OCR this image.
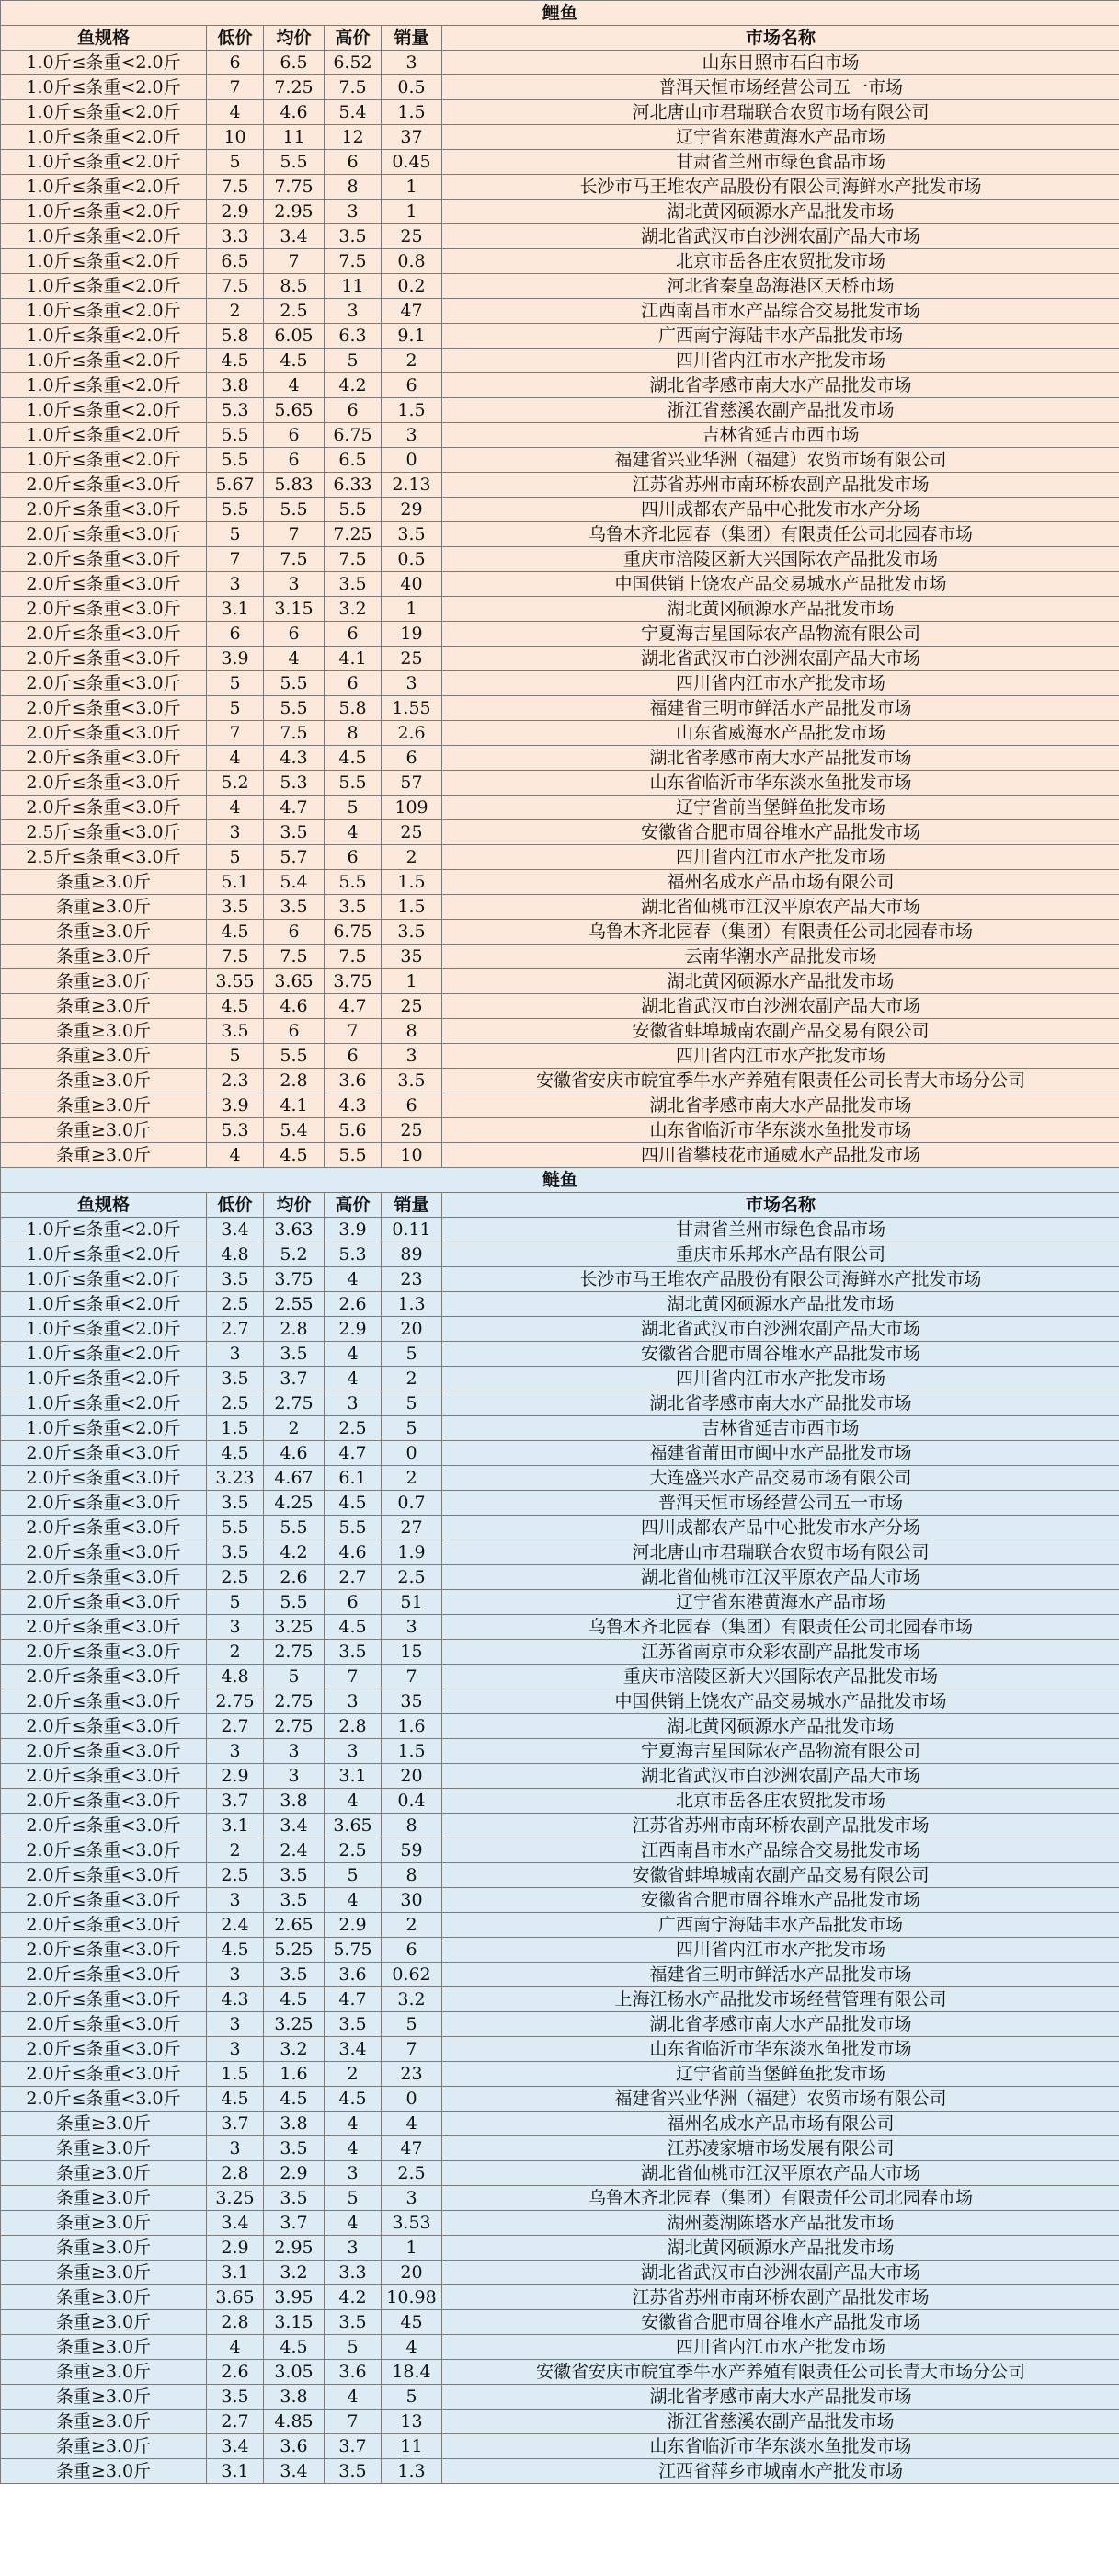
鲤鱼					
鱼规格	低价	均价	高价	销量	市场名称
1.0斤≤条重<2.0斤	6	6.5	6.52	3	山东日照市石臼市场
1.0斤≤条重<2.0斤	7	7.25	7.5	0.5	普洱天恒市场经营公司五一市场
1.0斤≤条重<2.0斤	4	4.6	5.4	1.5	河北唐山市君瑞联合农贸市场有限公司
1.0斤≤条重<2.0斤	10	11	12	37	辽宁省东港黄海水产品市场
1.0斤≤条重<2.0斤	5	5.5	6	0.45	甘肃省兰州市绿色食品市场
1.0斤≤条重<2.0斤	7.5	7.75	8	1	长沙市马王堆农产品股份有限公司海鲜水产批发市场
1.0斤≤条重<2.0斤	2.9	2.95	3	1	湖北黄冈硕源水产品批发市场
1.0斤≤条重<2.0斤	3.3	3.4	3.5	25	湖北省武汉市白沙洲农副产品大市场
1.0斤≤条重<2.0斤	6.5	7	7.5	0.8	北京市岳各庄农贸批发市场
1.0斤≤条重<2.0斤	7.5	8.5	11	0.2	河北省秦皇岛海港区天桥市场
1.0斤≤条重<2.0斤	2	2.5	3	47	江西南昌市水产品综合交易批发市场
1.0斤≤条重<2.0斤	5.8	6.05	6.3	9.1	广西南宁海陆丰水产品批发市场
1.0斤≤条重<2.0斤	4.5	4.5	5	2	四川省内江市水产批发市场
1.0斤≤条重<2.0斤	3.8	4	4.2	6	湖北省孝感市南大水产品批发市场
1.0斤≤条重<2.0斤	5.3	5.65	6	1.5	浙江省慈溪农副产品批发市场
1.0斤≤条重<2.0斤	5.5	6	6.75	3	吉林省延吉市西市场
1.0斤≤条重<2.0斤	5.5	6	6.5	0	福建省兴业华洲（福建）农贸市场有限公司
2.0斤≤条重<3.0斤	5.67	5.83	6.33	2.13	江苏省苏州市南环桥农副产品批发市场
2.0斤≤条重<3.0斤	5.5	5.5	5.5	29	四川成都农产品中心批发市水产分场
2.0斤≤条重<3.0斤	5	7	7.25	3.5	乌鲁木齐北园春（集团）有限责任公司北园春市场
2.0斤≤条重<3.0斤	7	7.5	7.5	0.5	重庆市涪陵区新大兴国际农产品批发市场
2.0斤≤条重<3.0斤	3	3	3.5	40	中国供销上饶农产品交易城水产品批发市场
2.0斤≤条重<3.0斤	3.1	3.15	3.2	1	湖北黄冈硕源水产品批发市场
2.0斤≤条重<3.0斤	6	6	6	19	宁夏海吉星国际农产品物流有限公司
2.0斤≤条重<3.0斤	3.9	4	4.1	25	湖北省武汉市白沙洲农副产品大市场
2.0斤≤条重<3.0斤	5	5.5	6	3	四川省内江市水产批发市场
2.0斤≤条重<3.0斤	5	5.5	5.8	1.55	福建省三明市鲜活水产品批发市场
2.0斤≤条重<3.0斤	7	7.5	8	2.6	山东省威海水产品批发市场
2.0斤≤条重<3.0斤	4	4.3	4.5	6	湖北省孝感市南大水产品批发市场
2.0斤≤条重<3.0斤	5.2	5.3	5.5	57	山东省临沂市华东淡水鱼批发市场
2.0斤≤条重<3.0斤	4	4.7	5	109	辽宁省前当堡鲜鱼批发市场
2.5斤≤条重<3.0斤	3	3.5	4	25	安徽省合肥市周谷堆水产品批发市场
2.5斤≤条重<3.0斤	5	5.7	6	2	四川省内江市水产批发市场
条重≥3.0斤	5.1	5.4	5.5	1.5	福州名成水产品市场有限公司
条重≥3.0斤	3.5	3.5	3.5	1.5	湖北省仙桃市江汉平原农产品大市场
条重≥3.0斤	4.5	6	6.75	3.5	乌鲁木齐北园春（集团）有限责任公司北园春市场
条重≥3.0斤	7.5	7.5	7.5	35	云南华潮水产品批发市场
条重≥3.0斤	3.55	3.65	3.75	1	湖北黄冈硕源水产品批发市场
条重≥3.0斤	4.5	4.6	4.7	25	湖北省武汉市白沙洲农副产品大市场
条重≥3.0斤	3.5	6	7	8	安徽省蚌埠城南农副产品交易有限公司
条重≥3.0斤	5	5.5	6	3	四川省内江市水产批发市场
条重≥3.0斤	2.3	2.8	3.6	3.5	安徽省安庆市皖宜季牛水产养殖有限责任公司长青大市场分公司
条重≥3.0斤	3.9	4.1	4.3	6	湖北省孝感市南大水产品批发市场
条重≥3.0斤	5.3	5.4	5.6	25	山东省临沂市华东淡水鱼批发市场
条重≥3.0斤	4	4.5	5.5	10	四川省攀枝花市通威水产品批发市场
鲢鱼					
鱼规格	低价	均价	高价	销量	市场名称
1.0斤≤条重<2.0斤	3.4	3.63	3.9	0.11	甘肃省兰州市绿色食品市场
1.0斤≤条重<2.0斤	4.8	5.2	5.3	89	重庆市乐邦水产品有限公司
1.0斤≤条重<2.0斤	3.5	3.75	4	23	长沙市马王堆农产品股份有限公司海鲜水产批发市场
1.0斤≤条重<2.0斤	2.5	2.55	2.6	1.3	湖北黄冈硕源水产品批发市场
1.0斤≤条重<2.0斤	2.7	2.8	2.9	20	湖北省武汉市白沙洲农副产品大市场
1.0斤≤条重<2.0斤	3	3.5	4	5	安徽省合肥市周谷堆水产品批发市场
1.0斤≤条重<2.0斤	3.5	3.7	4	2	四川省内江市水产批发市场
1.0斤≤条重<2.0斤	2.5	2.75	3	5	湖北省孝感市南大水产品批发市场
1.0斤≤条重<2.0斤	1.5	2	2.5	5	吉林省延吉市西市场
2.0斤≤条重<3.0斤	4.5	4.6	4.7	0	福建省莆田市闽中水产品批发市场
2.0斤≤条重<3.0斤	3.23	4.67	6.1	2	大连盛兴水产品交易市场有限公司
2.0斤≤条重<3.0斤	3.5	4.25	4.5	0.7	普洱天恒市场经营公司五一市场
2.0斤≤条重<3.0斤	5.5	5.5	5.5	27	四川成都农产品中心批发市水产分场
2.0斤≤条重<3.0斤	3.5	4.2	4.6	1.9	河北唐山市君瑞联合农贸市场有限公司
2.0斤≤条重<3.0斤	2.5	2.6	2.7	2.5	湖北省仙桃市江汉平原农产品大市场
2.0斤≤条重<3.0斤	5	5.5	6	51	辽宁省东港黄海水产品市场
2.0斤≤条重<3.0斤	3	3.25	4.5	3	乌鲁木齐北园春（集团）有限责任公司北园春市场
2.0斤≤条重<3.0斤	2	2.75	3.5	15	江苏省南京市众彩农副产品批发市场
2.0斤≤条重<3.0斤	4.8	5	7	7	重庆市涪陵区新大兴国际农产品批发市场
2.0斤≤条重<3.0斤	2.75	2.75	3	35	中国供销上饶农产品交易城水产品批发市场
2.0斤≤条重<3.0斤	2.7	2.75	2.8	1.6	湖北黄冈硕源水产品批发市场
2.0斤≤条重<3.0斤	3	3	3	1.5	宁夏海吉星国际农产品物流有限公司
2.0斤≤条重<3.0斤	2.9	3	3.1	20	湖北省武汉市白沙洲农副产品大市场
2.0斤≤条重<3.0斤	3.7	3.8	4	0.4	北京市岳各庄农贸批发市场
2.0斤≤条重<3.0斤	3.1	3.4	3.65	8	江苏省苏州市南环桥农副产品批发市场
2.0斤≤条重<3.0斤	2	2.4	2.5	59	江西南昌市水产品综合交易批发市场
2.0斤≤条重<3.0斤	2.5	3.5	5	8	安徽省蚌埠城南农副产品交易有限公司
2.0斤≤条重<3.0斤	3	3.5	4	30	安徽省合肥市周谷堆水产品批发市场
2.0斤≤条重<3.0斤	2.4	2.65	2.9	2	广西南宁海陆丰水产品批发市场
2.0斤≤条重<3.0斤	4.5	5.25	5.75	6	四川省内江市水产批发市场
2.0斤≤条重<3.0斤	3	3.5	3.6	0.62	福建省三明市鲜活水产品批发市场
2.0斤≤条重<3.0斤	4.3	4.5	4.7	3.2	上海江杨水产品批发市场经营管理有限公司
2.0斤≤条重<3.0斤	3	3.25	3.5	5	湖北省孝感市南大水产品批发市场
2.0斤≤条重<3.0斤	3	3.2	3.4	7	山东省临沂市华东淡水鱼批发市场
2.0斤≤条重<3.0斤	1.5	1.6	2	23	辽宁省前当堡鲜鱼批发市场
2.0斤≤条重<3.0斤	4.5	4.5	4.5	0	福建省兴业华洲（福建）农贸市场有限公司
条重≥3.0斤	3.7	3.8	4	4	福州名成水产品市场有限公司
条重≥3.0斤	3	3.5	4	47	江苏凌家塘市场发展有限公司
条重≥3.0斤	2.8	2.9	3	2.5	湖北省仙桃市江汉平原农产品大市场
条重≥3.0斤	3.25	3.5	5	3	乌鲁木齐北园春（集团）有限责任公司北园春市场
条重≥3.0斤	3.4	3.7	4	3.53	湖州菱湖陈塔水产品批发市场
条重≥3.0斤	2.9	2.95	3	1	湖北黄冈硕源水产品批发市场
条重≥3.0斤	3.1	3.2	3.3	20	湖北省武汉市白沙洲农副产品大市场
条重≥3.0斤	3.65	3.95	4.2	10.98	江苏省苏州市南环桥农副产品批发市场
条重≥3.0斤	2.8	3.15	3.5	45	安徽省合肥市周谷堆水产品批发市场
条重≥3.0斤	4	4.5	5	4	四川省内江市水产批发市场
条重≥3.0斤	2.6	3.05	3.6	18.4	安徽省安庆市皖宜季牛水产养殖有限责任公司长青大市场分公司
条重≥3.0斤	3.5	3.8	4	5	湖北省孝感市南大水产品批发市场
条重≥3.0斤	2.7	4.85	7	13	浙江省慈溪农副产品批发市场
条重≥3.0斤	3.4	3.6	3.7	11	山东省临沂市华东淡水鱼批发市场
条重≥3.0斤	3.1	3.4	3.5	1.3	江西省萍乡市城南水产批发市场
